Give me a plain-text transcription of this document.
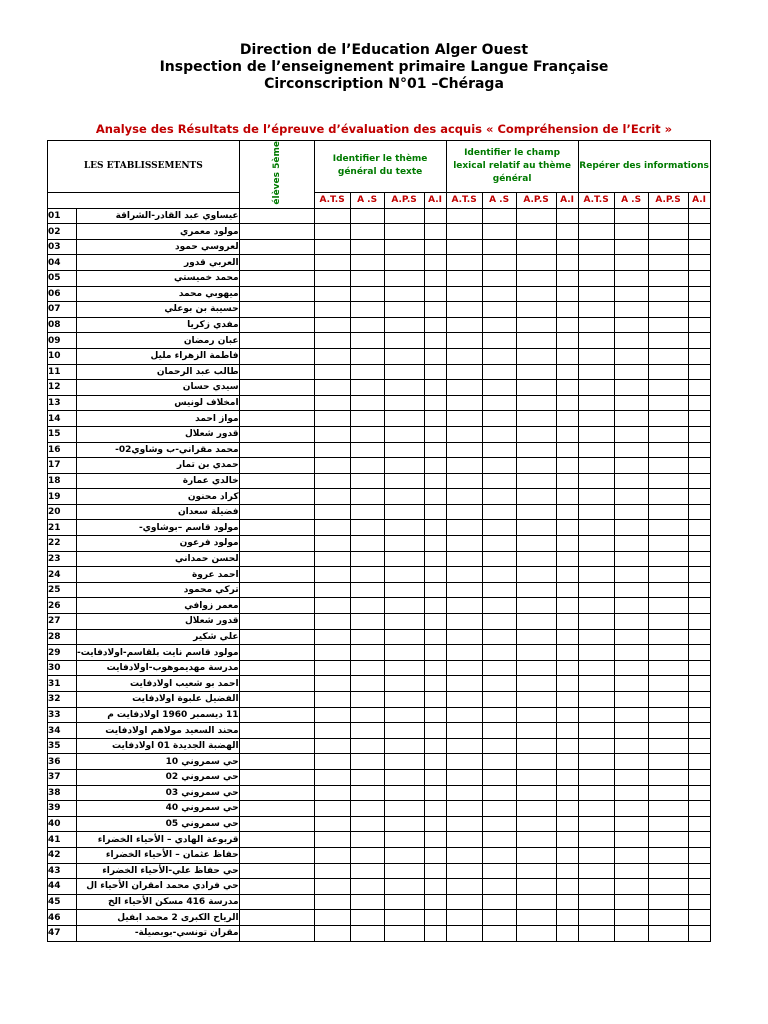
Direction de l’Education Alger Ouest
Inspection de l’enseignement primaire Langue Française
Circonscription N°01 –Chéraga
Analyse des Résultats de l’épreuve d’évaluation des acquis « Compréhension de l’Ecrit »
LES ETABLISSEMENTS		élèves 5ème	Identifier le thème général du texte				Identifier le champ lexical relatif au thème général				Repérer des informations			
			A.T.S	A .S	A.P.S	A.I	A.T.S	A .S	A.P.S	A.I	A.T.S	A .S	A.P.S	A.I
01	عيساوي عبد القادر-الشراقة													
02	مولود معمري													
03	لعروسي حمود													
04	العربي قدور													
05	محمد خميستي													
06	ميهوبي محمد													
07	حسيبة بن بوعلي													
08	مفدي زكريا													
09	عبان رمضان													
10	فاطمة الزهراء مليل													
11	طالب عبد الرحمان													
12	سيدي حسان													
13	امخلاف لونيس													
14	مواز احمد													
15	قدور شعلال													
16	محمد مقراني-ب وشاوي02-													
17	حمدي بن تمار													
18	خالدي عمارة													
19	كراد محنون													
20	فضيلة سعدان													
21	مولود قاسم –بوشاوي-													
22	مولود فرعون													
23	لحسن حمداني													
24	احمد عروة													
25	تركي محمود													
26	معمر زوافي													
27	قدور شعلال													
28	علي شكير													
29	مولود قاسم نايت بلقاسم-اولادفايت-													
30	مدرسة مهديموهوب-اولادفايت													
31	احمد بو شعيب اولادفايت													
32	الفضيل علبوة اولادفايت													
33	11 ديسمبر 1960 اولادفايت م													
34	محند السعيد مولاهم اولادفايت													
35	الهضبة الجديدة 01 اولادفايت													
36	حي سمروني 10													
37	حي سمروني 02													
38	حي سمروني 03													
39	حي سمروني 40													
40	حي سمروني 05													
41	قربوعة الهادي – الأحياء الخضراء													
42	حفاظ عثمان – الأحياء الخضراء													
43	حي حفاظ علي-الأحياء الخضراء													
44	حي فرادي محمد امقران الأحياء ال													
45	مدرسة 416 مسكن الأحياء الخ													
46	الرياح الكبرى 2 محمد ابفيل													
47	مقران تونسي-بوبصيلة-													
